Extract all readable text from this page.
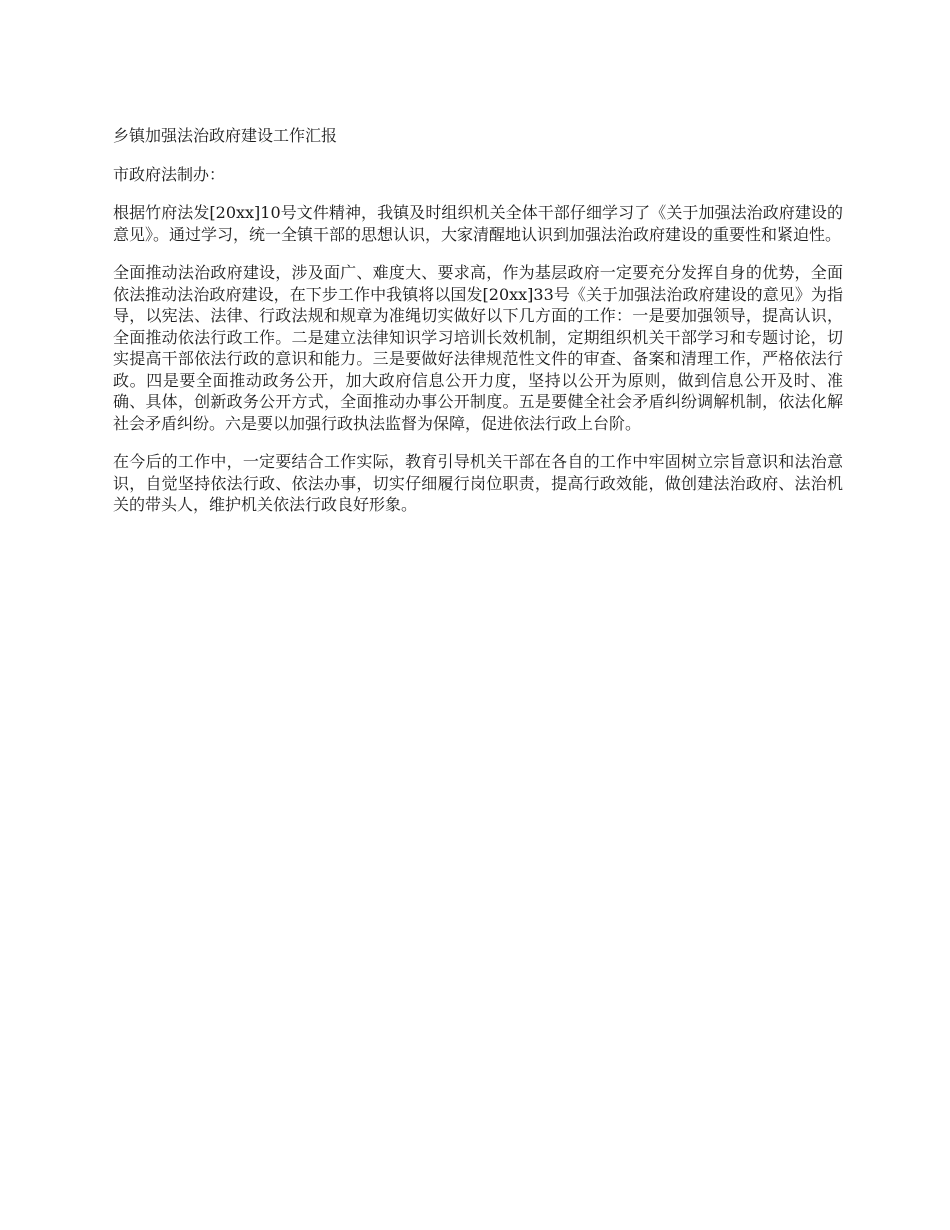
乡镇加强法治政府建设工作汇报
市政府法制办：
根据竹府法发[20xx]10号文件精神，我镇及时组织机关全体干部仔细学习了《关于加强法治政府建设的意见》。通过学习，统一全镇干部的思想认识，大家清醒地认识到加强法治政府建设的重要性和紧迫性。
全面推动法治政府建设，涉及面广、难度大、要求高，作为基层政府一定要充分发挥自身的优势，全面依法推动法治政府建设，在下步工作中我镇将以国发[20xx]33号《关于加强法治政府建设的意见》为指导，以宪法、法律、行政法规和规章为准绳切实做好以下几方面的工作：一是要加强领导，提高认识，全面推动依法行政工作。二是建立法律知识学习培训长效机制，定期组织机关干部学习和专题讨论，切实提高干部依法行政的意识和能力。三是要做好法律规范性文件的审查、备案和清理工作，严格依法行政。四是要全面推动政务公开，加大政府信息公开力度，坚持以公开为原则，做到信息公开及时、准确、具体，创新政务公开方式，全面推动办事公开制度。五是要健全社会矛盾纠纷调解机制，依法化解社会矛盾纠纷。六是要以加强行政执法监督为保障，促进依法行政上台阶。
在今后的工作中，一定要结合工作实际，教育引导机关干部在各自的工作中牢固树立宗旨意识和法治意识，自觉坚持依法行政、依法办事，切实仔细履行岗位职责，提高行政效能，做创建法治政府、法治机关的带头人，维护机关依法行政良好形象。
